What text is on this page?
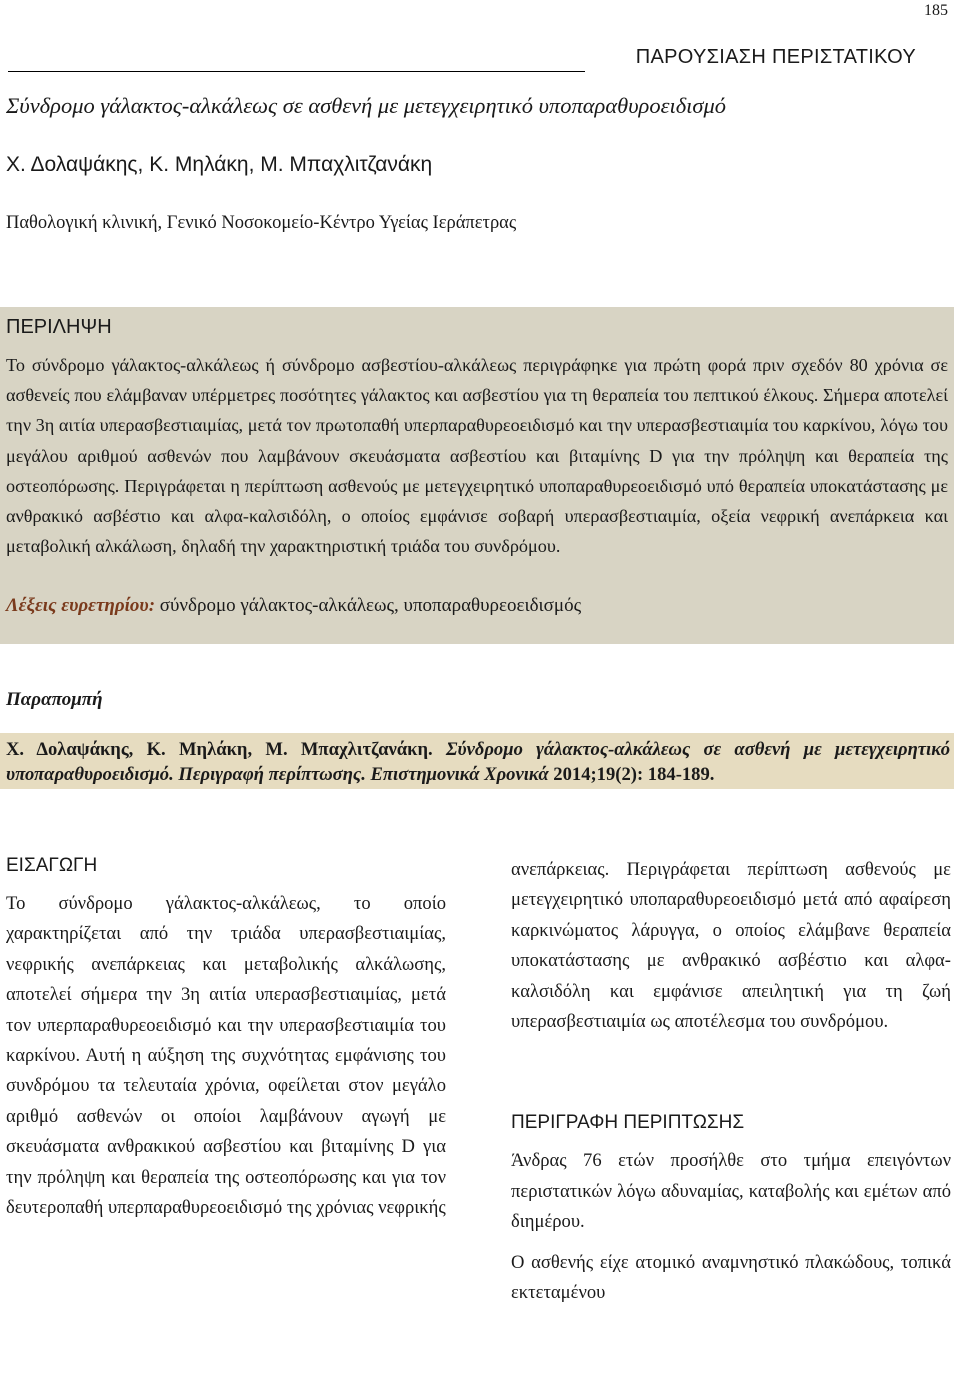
185
ΠΑΡΟΥΣΙΑΣΗ ΠΕΡΙΣΤΑΤΙΚΟΥ
Σύνδρομο γάλακτος-αλκάλεως σε ασθενή με μετεγχειρητικό υποπαραθυροειδισμό
Χ. Δολαψάκης, Κ. Μηλάκη, Μ. Μπαχλιτζανάκη
Παθολογική κλινική, Γενικό Νοσοκομείο-Κέντρο Υγείας Ιεράπετρας
ΠΕΡΙΛΗΨΗ

Το σύνδρομο γάλακτος-αλκάλεως ή σύνδρομο ασβεστίου-αλκάλεως περιγράφηκε για πρώτη φορά πριν σχεδόν 80 χρόνια σε ασθενείς που ελάμβαναν υπέρμετρες ποσότητες γάλακτος και ασβεστίου για τη θεραπεία του πεπτικού έλκους. Σήμερα αποτελεί την 3η αιτία υπερασβεστιαιμίας, μετά τον πρωτοπαθή υπερπαραθυρεοειδισμό και την υπερασβεστιαιμία του καρκίνου, λόγω του μεγάλου αριθμού ασθενών που λαμβάνουν σκευάσματα ασβεστίου και βιταμίνης D για την πρόληψη και θεραπεία της οστεοπόρωσης. Περιγράφεται η περίπτωση ασθενούς με μετεγχειρητικό υποπαραθυρεοειδισμό υπό θεραπεία υποκατάστασης με ανθρακικό ασβέστιο και αλφα-καλσιδόλη, ο οποίος εμφάνισε σοβαρή υπερασβεστιαιμία, οξεία νεφρική ανεπάρκεια και μεταβολική αλκάλωση, δηλαδή την χαρακτηριστική τριάδα του συνδρόμου.

Λέξεις ευρετηρίου: σύνδρομο γάλακτος-αλκάλεως, υποπαραθυρεοειδισμός
Παραπομπή

Χ. Δολαψάκης, Κ. Μηλάκη, Μ. Μπαχλιτζανάκη. Σύνδρομο γάλακτος-αλκάλεως σε ασθενή με μετεγχειρητικό υποπαραθυροειδισμό. Περιγραφή περίπτωσης. Επιστημονικά Χρονικά 2014;19(2): 184-189.

ΕΙΣΑΓΩΓΗ

Το σύνδρομο γάλακτος-αλκάλεως, το οποίο χαρακτηρίζεται από την τριάδα υπερασβεστιαιμίας, νεφρικής ανεπάρκειας και μεταβολικής αλκάλωσης, αποτελεί σήμερα την 3η αιτία υπερασβεστιαιμίας, μετά τον υπερπαραθυρεοειδισμό και την υπερασβεστιαιμία του καρκίνου. Αυτή η αύξηση της συχνότητας εμφάνισης του συνδρόμου τα τελευταία χρόνια, οφείλεται στον μεγάλο αριθμό ασθενών οι οποίοι λαμβάνουν αγωγή με σκευάσματα ανθρακικού ασβεστίου και βιταμίνης D για την πρόληψη και θεραπεία της οστεοπόρωσης και για τον δευτεροπαθή υπερπαραθυρεοειδισμό της χρόνιας νεφρικής

ανεπάρκειας. Περιγράφεται περίπτωση ασθενούς με μετεγχειρητικό υποπαραθυρεοειδισμό μετά από αφαίρεση καρκινώματος λάρυγγα, ο οποίος ελάμβανε θεραπεία υποκατάστασης με ανθρακικό ασβέστιο και αλφα-καλσιδόλη και εμφάνισε απειλητική για τη ζωή υπερασβεστιαιμία ως αποτέλεσμα του συνδρόμου.

ΠΕΡΙΓΡΑΦΗ ΠΕΡΙΠΤΩΣΗΣ

Άνδρας 76 ετών προσήλθε στο τμήμα επειγόντων περιστατικών λόγω αδυναμίας, καταβολής και εμέτων από διημέρου.

Ο ασθενής είχε ατομικό αναμνηστικό πλακώδους, τοπικά εκτεταμένου
